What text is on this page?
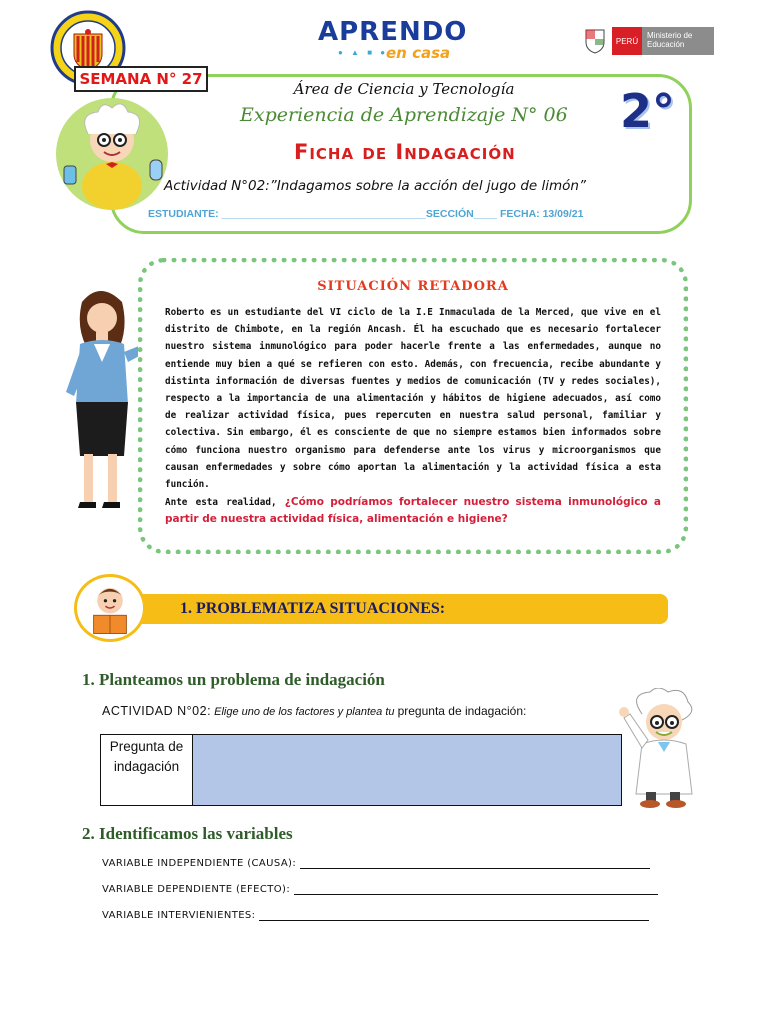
APRENDO
en casa
● ▲ ■ ●
PERÚ
Ministerio de Educación
SEMANA N° 27
Área de Ciencia y Tecnología
Experiencia de Aprendizaje N° 06 2°
Ficha de Indagación
Actividad N°02:”Indagamos sobre la acción del jugo de limón”
ESTUDIANTE: ___________________________________SECCIÓN____ FECHA: 13/09/21
SITUACIÓN RETADORA

Roberto es un estudiante del VI ciclo de la I.E Inmaculada de la Merced, que vive en el distrito de Chimbote, en la región Ancash. Él ha escuchado que es necesario fortalecer nuestro sistema inmunológico para poder hacerle frente a las enfermedades, aunque no entiende muy bien a qué se refieren con esto. Además, con frecuencia, recibe abundante y distinta información de diversas fuentes y medios de comunicación (TV y redes sociales), respecto a la importancia de una alimentación y hábitos de higiene adecuados, así como de realizar actividad física, pues repercuten en nuestra salud personal, familiar y colectiva. Sin embargo, él es consciente de que no siempre estamos bien informados sobre cómo funciona nuestro organismo para defenderse ante los virus y microorganismos que causan enfermedades y sobre cómo aportan la alimentación y la actividad física a esta función.

Ante esta realidad, ¿Cómo podríamos fortalecer nuestro sistema inmunológico a partir de nuestra actividad física, alimentación e higiene?

1. PROBLEMATIZA SITUACIONES:
1. Planteamos un problema de indagación
ACTIVIDAD N°02: Elige uno de los factores y plantea tu pregunta de indagación:
Pregunta de indagación
2. Identificamos las variables
VARIABLE INDEPENDIENTE (CAUSA):
VARIABLE DEPENDIENTE (EFECTO):
VARIABLE INTERVIENIENTES:
